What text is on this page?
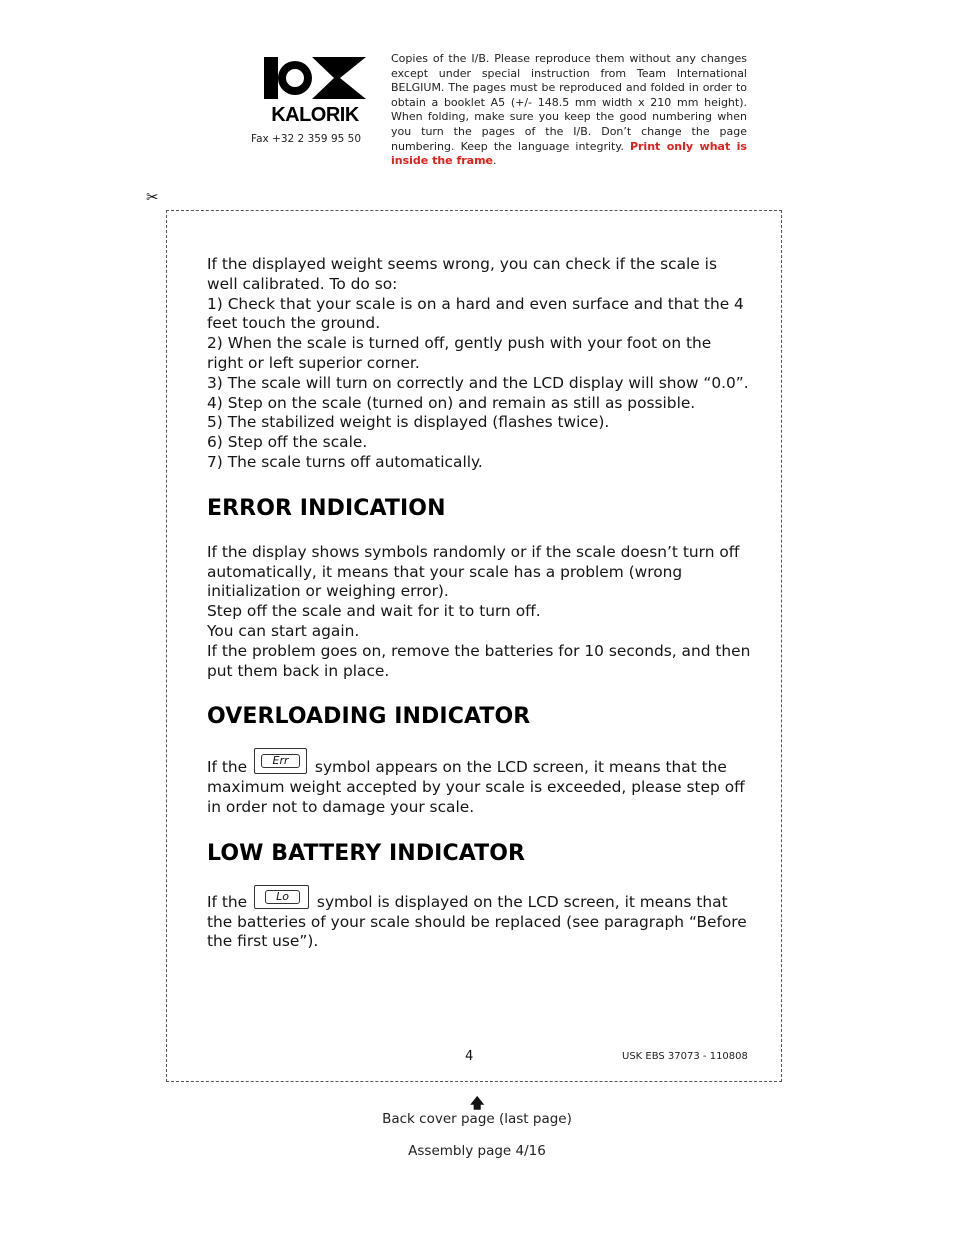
KALORIK
Fax +32 2 359 95 50
Copies of the I/B. Please reproduce them without any changes except under special instruction from Team International BELGIUM. The pages must be reproduced and folded in order to obtain a booklet A5 (+/- 148.5 mm width x 210 mm height). When folding, make sure you keep the good numbering when you turn the pages of the I/B. Don’t change the page numbering. Keep the language integrity. Print only what is inside the frame.
✂

If the displayed weight seems wrong, you can check if the scale is well calibrated. To do so:

1) Check that your scale is on a hard and even surface and that the 4 feet touch the ground.

2) When the scale is turned off, gently push with your foot on the right or left superior corner.

3) The scale will turn on correctly and the LCD display will show “0.0”.

4) Step on the scale (turned on) and remain as still as possible.

5) The stabilized weight is displayed (flashes twice).

6) Step off the scale.

7) The scale turns off automatically.

ERROR INDICATION

If the display shows symbols randomly or if the scale doesn’t turn off automatically, it means that your scale has a problem (wrong initialization or weighing error).

Step off the scale and wait for it to turn off.

You can start again.

If the problem goes on, remove the batteries for 10 seconds, and then put them back in place.

OVERLOADING INDICATOR

If the	Err	symbol appears on the LCD screen, it means that the maximum weight accepted by your scale is exceeded, please step off in order not to damage your scale.

LOW BATTERY INDICATOR

If the	Lo	symbol is displayed on the LCD screen, it means that the batteries of your scale should be replaced (see paragraph “Before the first use”).

4	USK EBS 37073 - 110808
🡅
Back cover page (last page)
Assembly page 4/16
